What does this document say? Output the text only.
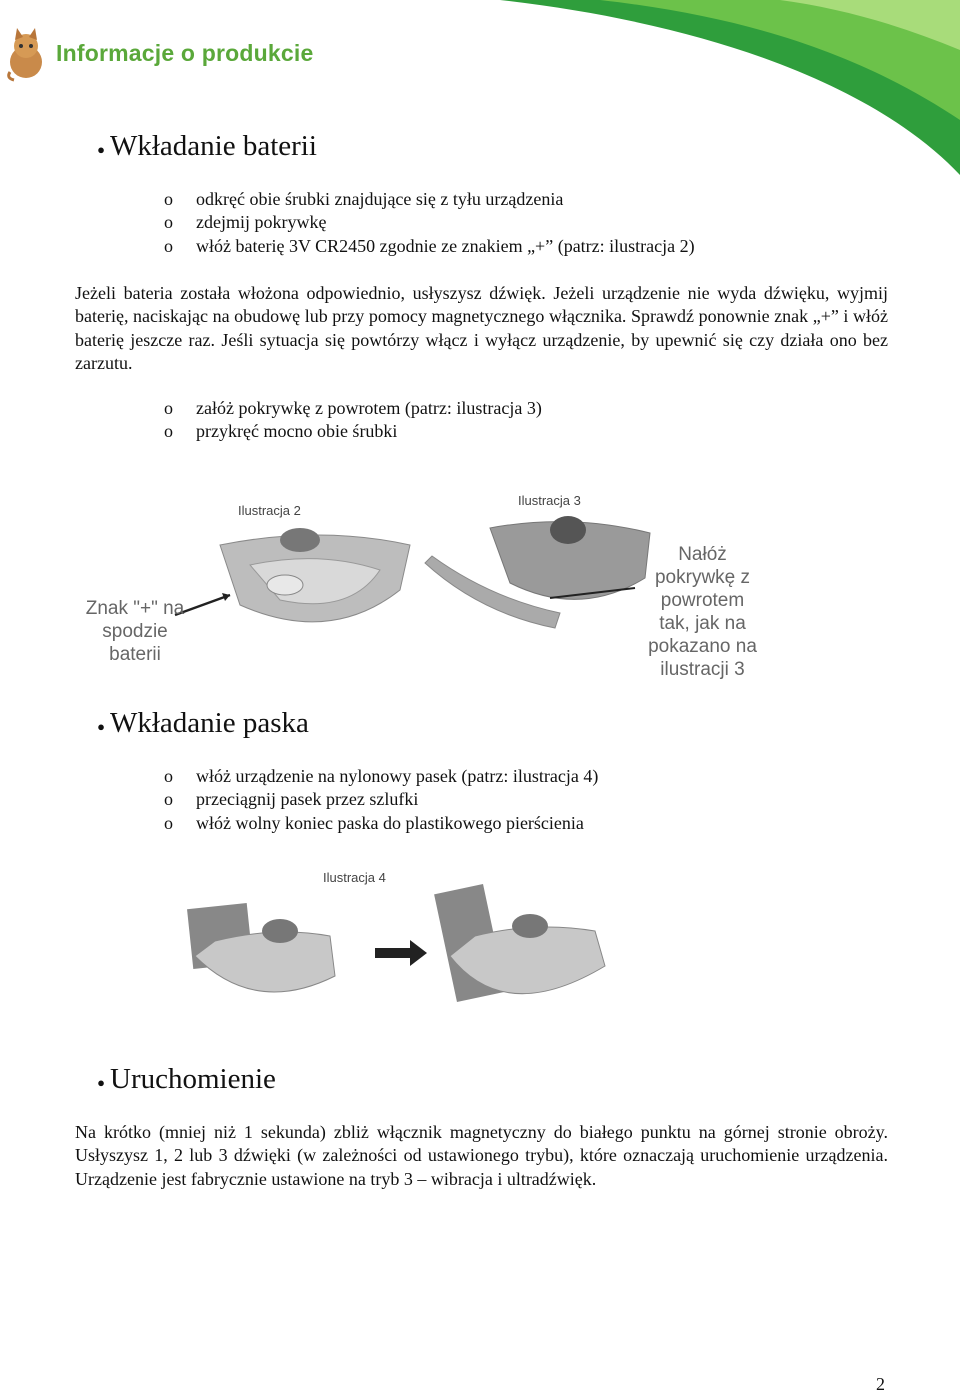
Informacje o produkcie
● Wkładanie baterii
o odkręć obie śrubki znajdujące się z tyłu urządzenia
o zdejmij pokrywkę
o włóż baterię 3V CR2450 zgodnie ze znakiem „+” (patrz: ilustracja 2)

Jeżeli bateria została włożona odpowiednio, usłyszysz dźwięk. Jeżeli urządzenie nie wyda dźwięku, wyjmij baterię, naciskając na obudowę lub przy pomocy magnetycznego włącznika. Sprawdź ponownie znak „+” i włóż baterię jeszcze raz. Jeśli sytuacja się powtórzy włącz i wyłącz urządzenie, by upewnić się czy działa ono bez zarzutu.

o załóż pokrywkę z powrotem (patrz: ilustracja 3)
o przykręć mocno obie śrubki
Ilustracja 2
Znak "+" na
spodzie
baterii
Ilustracja 3
Nałóż
pokrywkę z
powrotem
tak, jak na
pokazano na
ilustracji 3
● Wkładanie paska
o włóż urządzenie na nylonowy pasek (patrz: ilustracja 4)
o przeciągnij pasek przez szlufki
o włóż wolny koniec paska do plastikowego pierścienia
Ilustracja 4
● Uruchomienie

Na krótko (mniej niż 1 sekunda) zbliż włącznik magnetyczny do białego punktu na górnej stronie obroży. Usłyszysz 1, 2 lub 3 dźwięki (w zależności od ustawionego trybu), które oznaczają uruchomienie urządzenia. Urządzenie jest fabrycznie ustawione na tryb 3 – wibracja i ultradźwięk.

2
